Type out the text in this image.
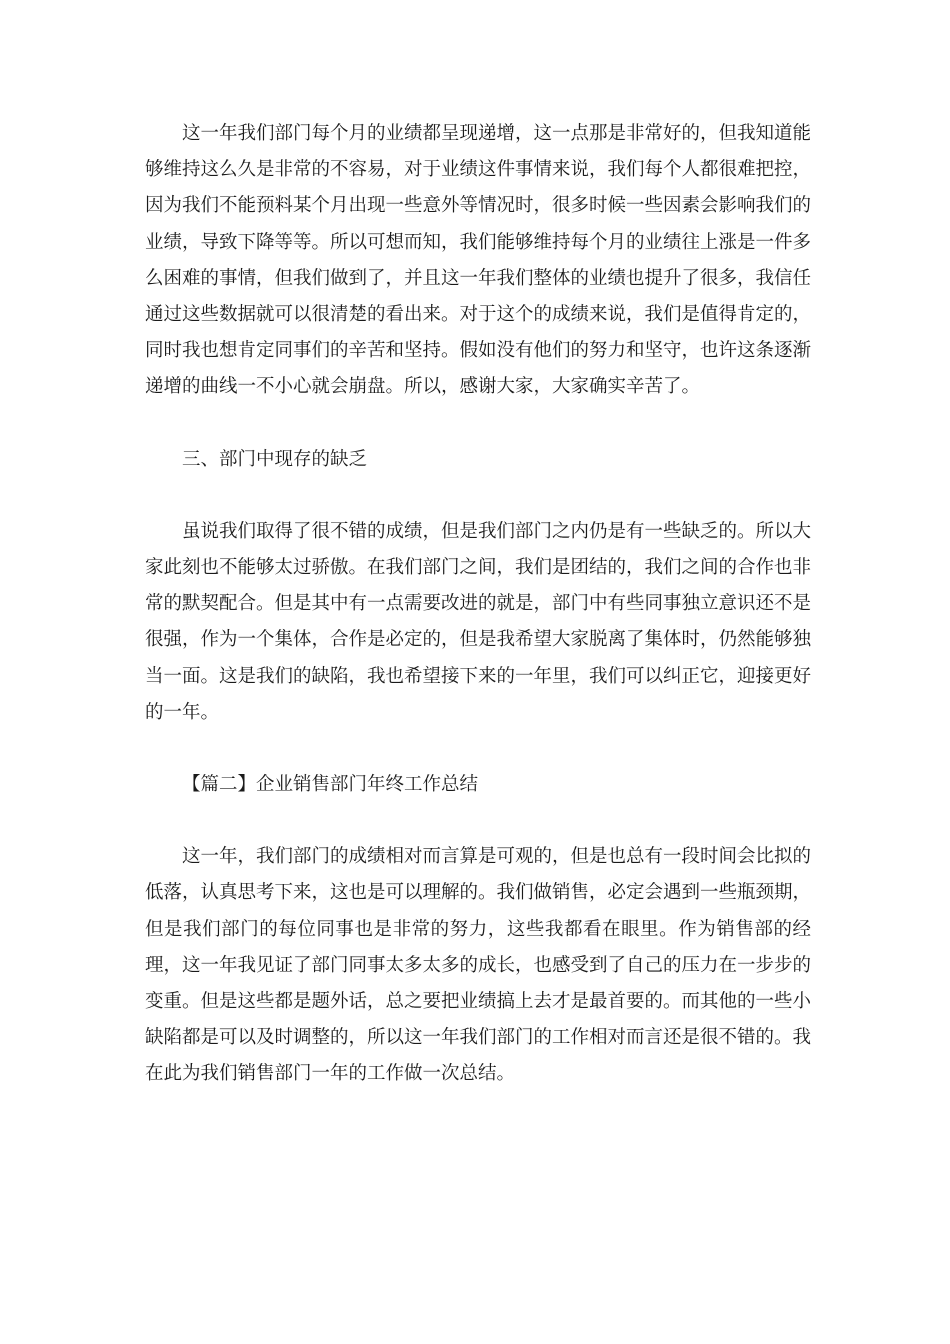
这一年我们部门每个月的业绩都呈现递增，这一点那是非常好的，但我知道能够维持这么久是非常的不容易，对于业绩这件事情来说，我们每个人都很难把控，因为我们不能预料某个月出现一些意外等情况时，很多时候一些因素会影响我们的业绩，导致下降等等。所以可想而知，我们能够维持每个月的业绩往上涨是一件多么困难的事情，但我们做到了，并且这一年我们整体的业绩也提升了很多，我信任通过这些数据就可以很清楚的看出来。对于这个的成绩来说，我们是值得肯定的，同时我也想肯定同事们的辛苦和坚持。假如没有他们的努力和坚守，也许这条逐渐递增的曲线一不小心就会崩盘。所以，感谢大家，大家确实辛苦了。

三、部门中现存的缺乏

虽说我们取得了很不错的成绩，但是我们部门之内仍是有一些缺乏的。所以大家此刻也不能够太过骄傲。在我们部门之间，我们是团结的，我们之间的合作也非常的默契配合。但是其中有一点需要改进的就是，部门中有些同事独立意识还不是很强，作为一个集体，合作是必定的，但是我希望大家脱离了集体时，仍然能够独当一面。这是我们的缺陷，我也希望接下来的一年里，我们可以纠正它，迎接更好的一年。

【篇二】企业销售部门年终工作总结

这一年，我们部门的成绩相对而言算是可观的，但是也总有一段时间会比拟的低落，认真思考下来，这也是可以理解的。我们做销售，必定会遇到一些瓶颈期，但是我们部门的每位同事也是非常的努力，这些我都看在眼里。作为销售部的经理，这一年我见证了部门同事太多太多的成长，也感受到了自己的压力在一步步的变重。但是这些都是题外话，总之要把业绩搞上去才是最首要的。而其他的一些小缺陷都是可以及时调整的，所以这一年我们部门的工作相对而言还是很不错的。我在此为我们销售部门一年的工作做一次总结。
